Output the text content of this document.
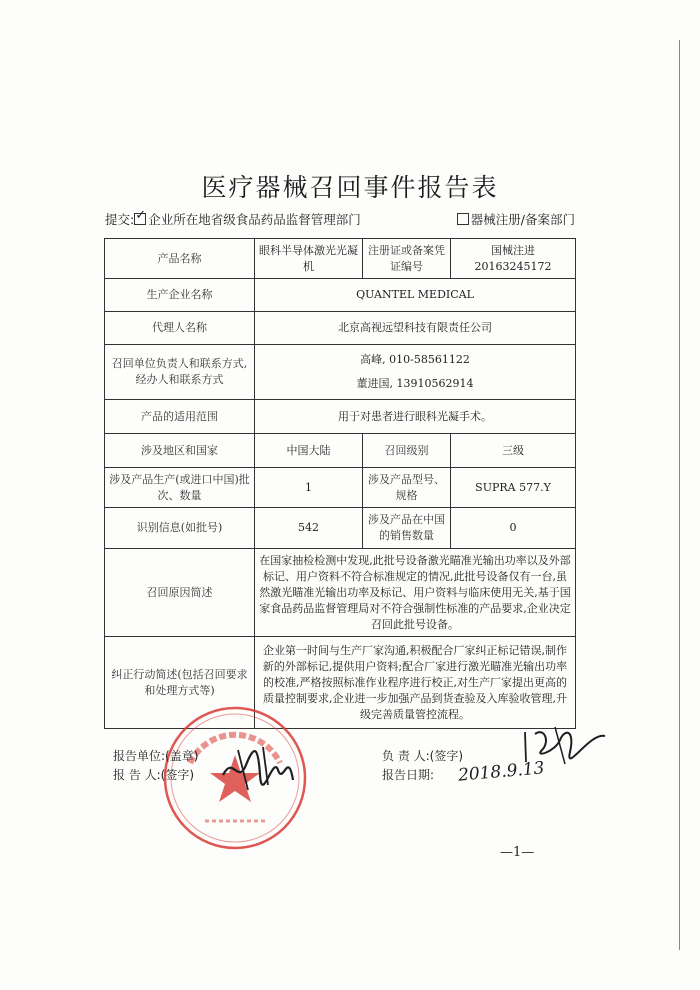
医疗器械召回事件报告表
提交: ✓ 企业所在地省级食品药品监督管理部门	器械注册/备案部门
产品名称	眼科半导体激光光凝机	注册证或备案凭证编号	国械注进20163245172
生产企业名称	QUANTEL MEDICAL		
代理人名称	北京高视远望科技有限责任公司		
召回单位负责人和联系方式,经办人和联系方式	高峰, 010-58561122
董进国, 13910562914		

产品的适用范围	用于对患者进行眼科光凝手术。		
涉及地区和国家	中国大陆	召回级别	三级
涉及产品生产(或进口中国)批次、数量	1	涉及产品型号、规格	SUPRA 577.Y
识别信息(如批号)	542	涉及产品在中国的销售数量	0
召回原因简述	在国家抽检检测中发现,此批号设备激光瞄准光输出功率以及外部标记、用户资料不符合标准规定的情况,此批号设备仅有一台,虽然激光瞄准光输出功率及标记、用户资料与临床使用无关,基于国家食品药品监督管理局对不符合强制性标准的产品要求,企业决定召回此批号设备。		
纠正行动简述(包括召回要求和处理方式等)	企业第一时间与生产厂家沟通,积极配合厂家纠正标记错误,制作新的外部标记,提供用户资料;配合厂家进行激光瞄准光输出功率的校准,严格按照标准作业程序进行校正,对生产厂家提出更高的质量控制要求,企业进一步加强产品到货查验及入库验收管理,升级完善质量管控流程。		
报告单位:(盖章)
报 告 人:(签字)
负 责 人:(签字)
报告日期: 2018.9.13
—1—
